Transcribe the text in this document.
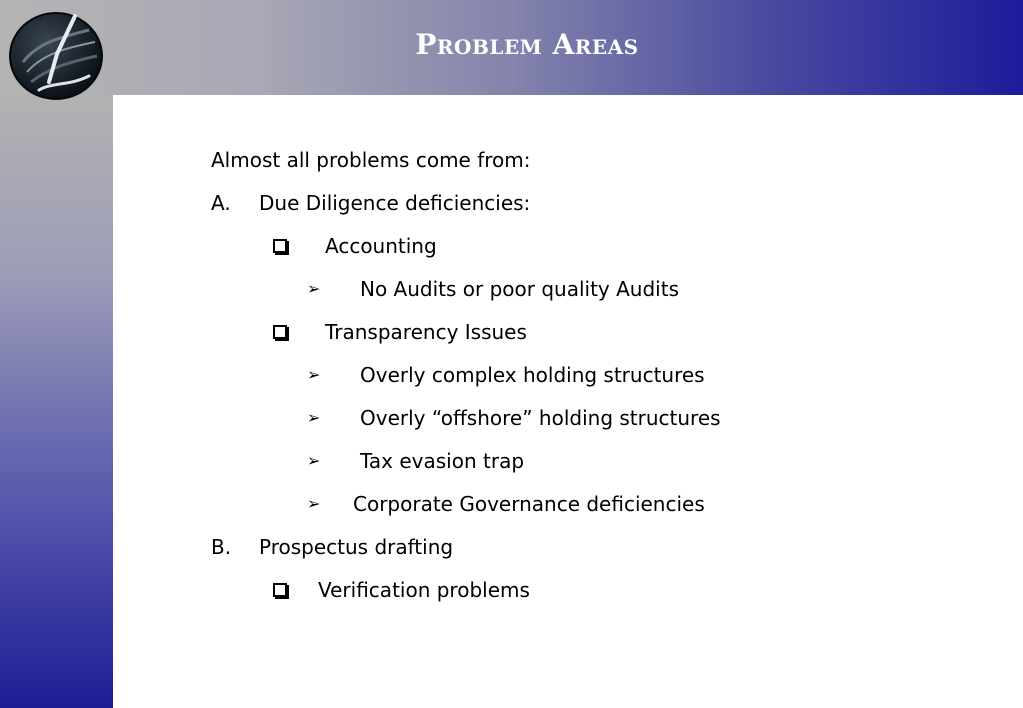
Problem Areas
Almost all problems come from:
A. Due Diligence deficiencies:
Accounting
➢ No Audits or poor quality Audits
Transparency Issues
➢ Overly complex holding structures
➢ Overly “offshore” holding structures
➢ Tax evasion trap
➢ Corporate Governance deficiencies
B. Prospectus drafting
Verification problems
